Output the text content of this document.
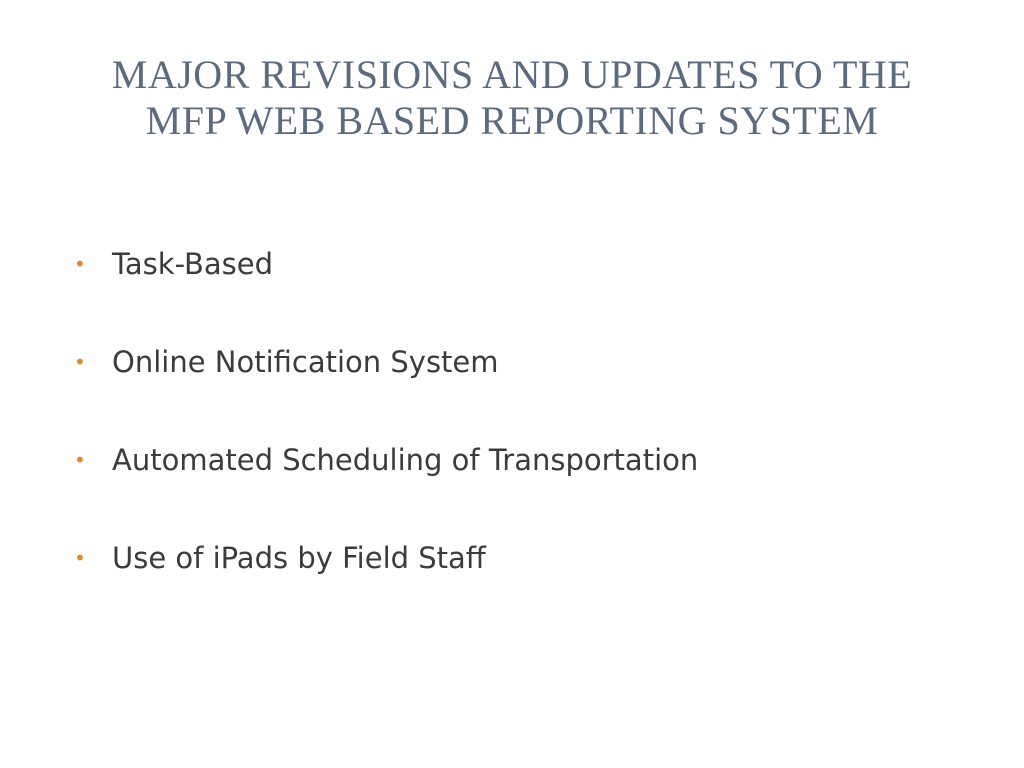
MAJOR REVISIONS AND UPDATES TO THE
MFP WEB BASED REPORTING SYSTEM
• Task-Based
• Online Notification System
• Automated Scheduling of Transportation
• Use of iPads by Field Staff
